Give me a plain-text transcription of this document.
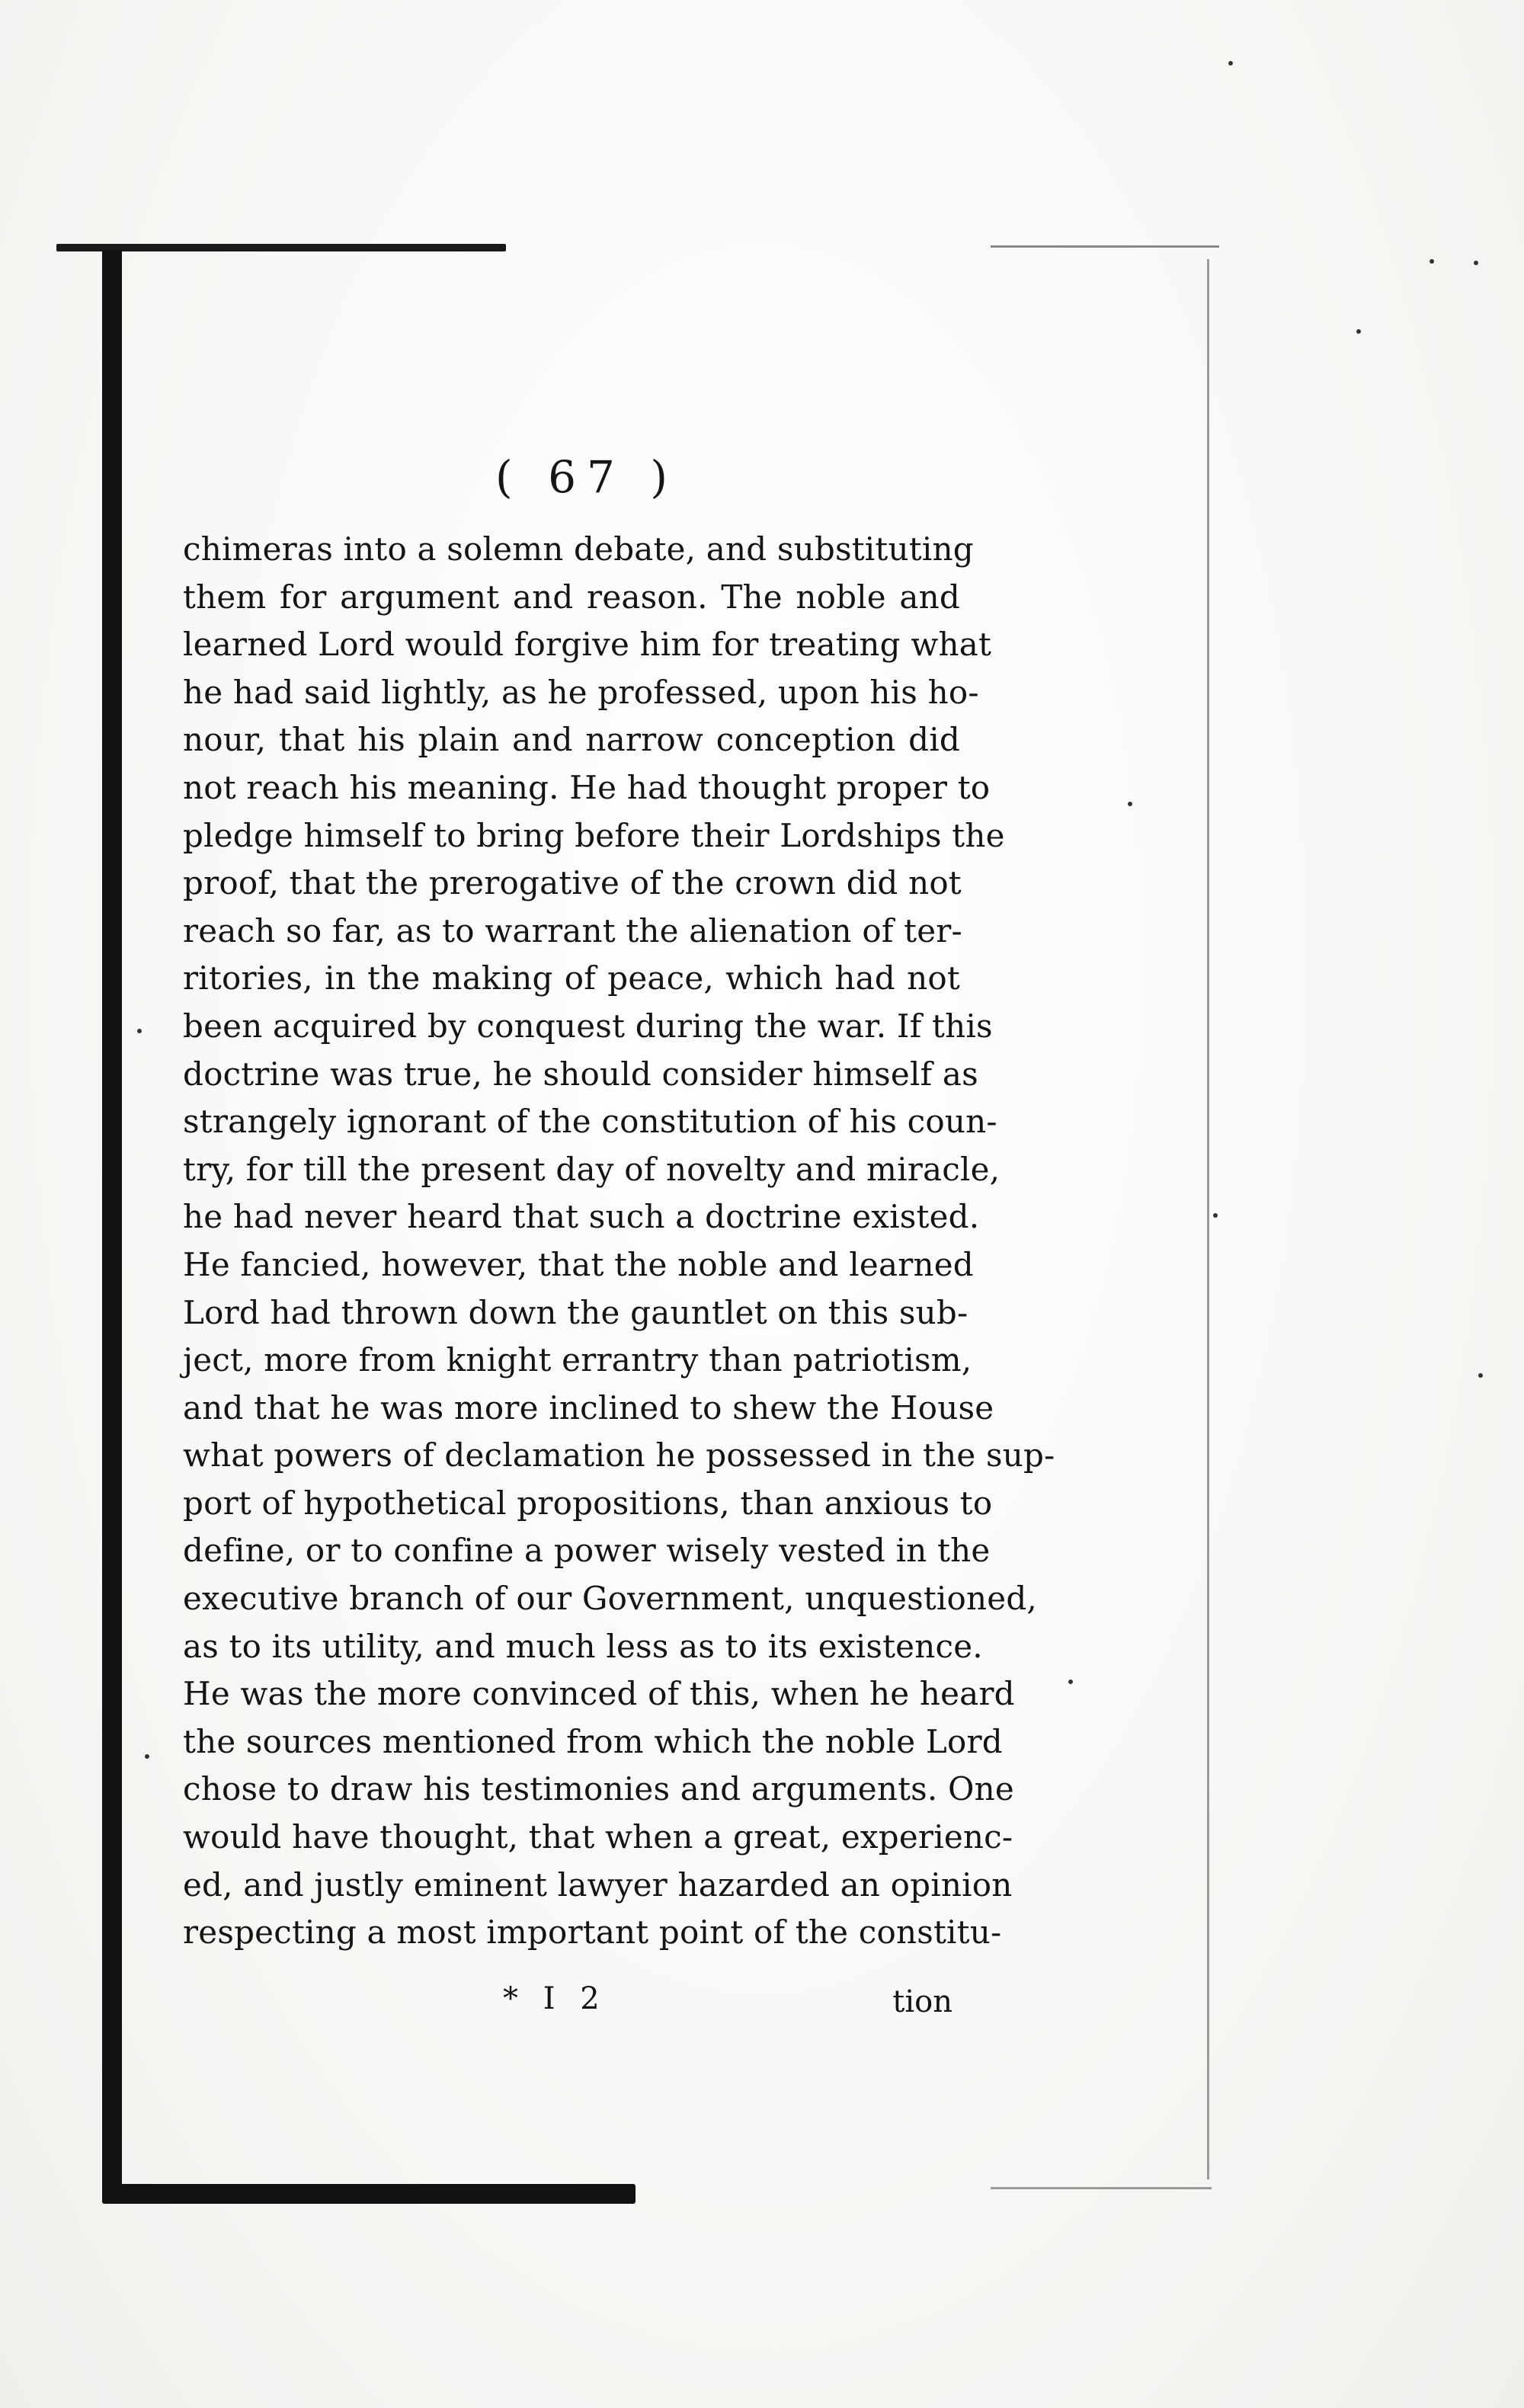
( 67 )
chimeras into a solemn debate, and substituting
them for argument and reason. The noble and
learned Lord would forgive him for treating what
he had said lightly, as he professed, upon his ho-
nour, that his plain and narrow conception did
not reach his meaning. He had thought proper to
pledge himself to bring before their Lordships the
proof, that the prerogative of the crown did not
reach so far, as to warrant the alienation of ter-
ritories, in the making of peace, which had not
been acquired by conquest during the war. If this
doctrine was true, he should consider himself as
strangely ignorant of the constitution of his coun-
try, for till the present day of novelty and miracle,
he had never heard that such a doctrine existed.
He fancied, however, that the noble and learned
Lord had thrown down the gauntlet on this sub-
ject, more from knight errantry than patriotism,
and that he was more inclined to shew the House
what powers of declamation he possessed in the sup-
port of hypothetical propositions, than anxious to
define, or to confine a power wisely vested in the
executive branch of our Government, unquestioned,
as to its utility, and much less as to its existence.
He was the more convinced of this, when he heard
the sources mentioned from which the noble Lord
chose to draw his testimonies and arguments. One
would have thought, that when a great, experienc-
ed, and justly eminent lawyer hazarded an opinion
respecting a most important point of the constitu-
* I 2	tion
